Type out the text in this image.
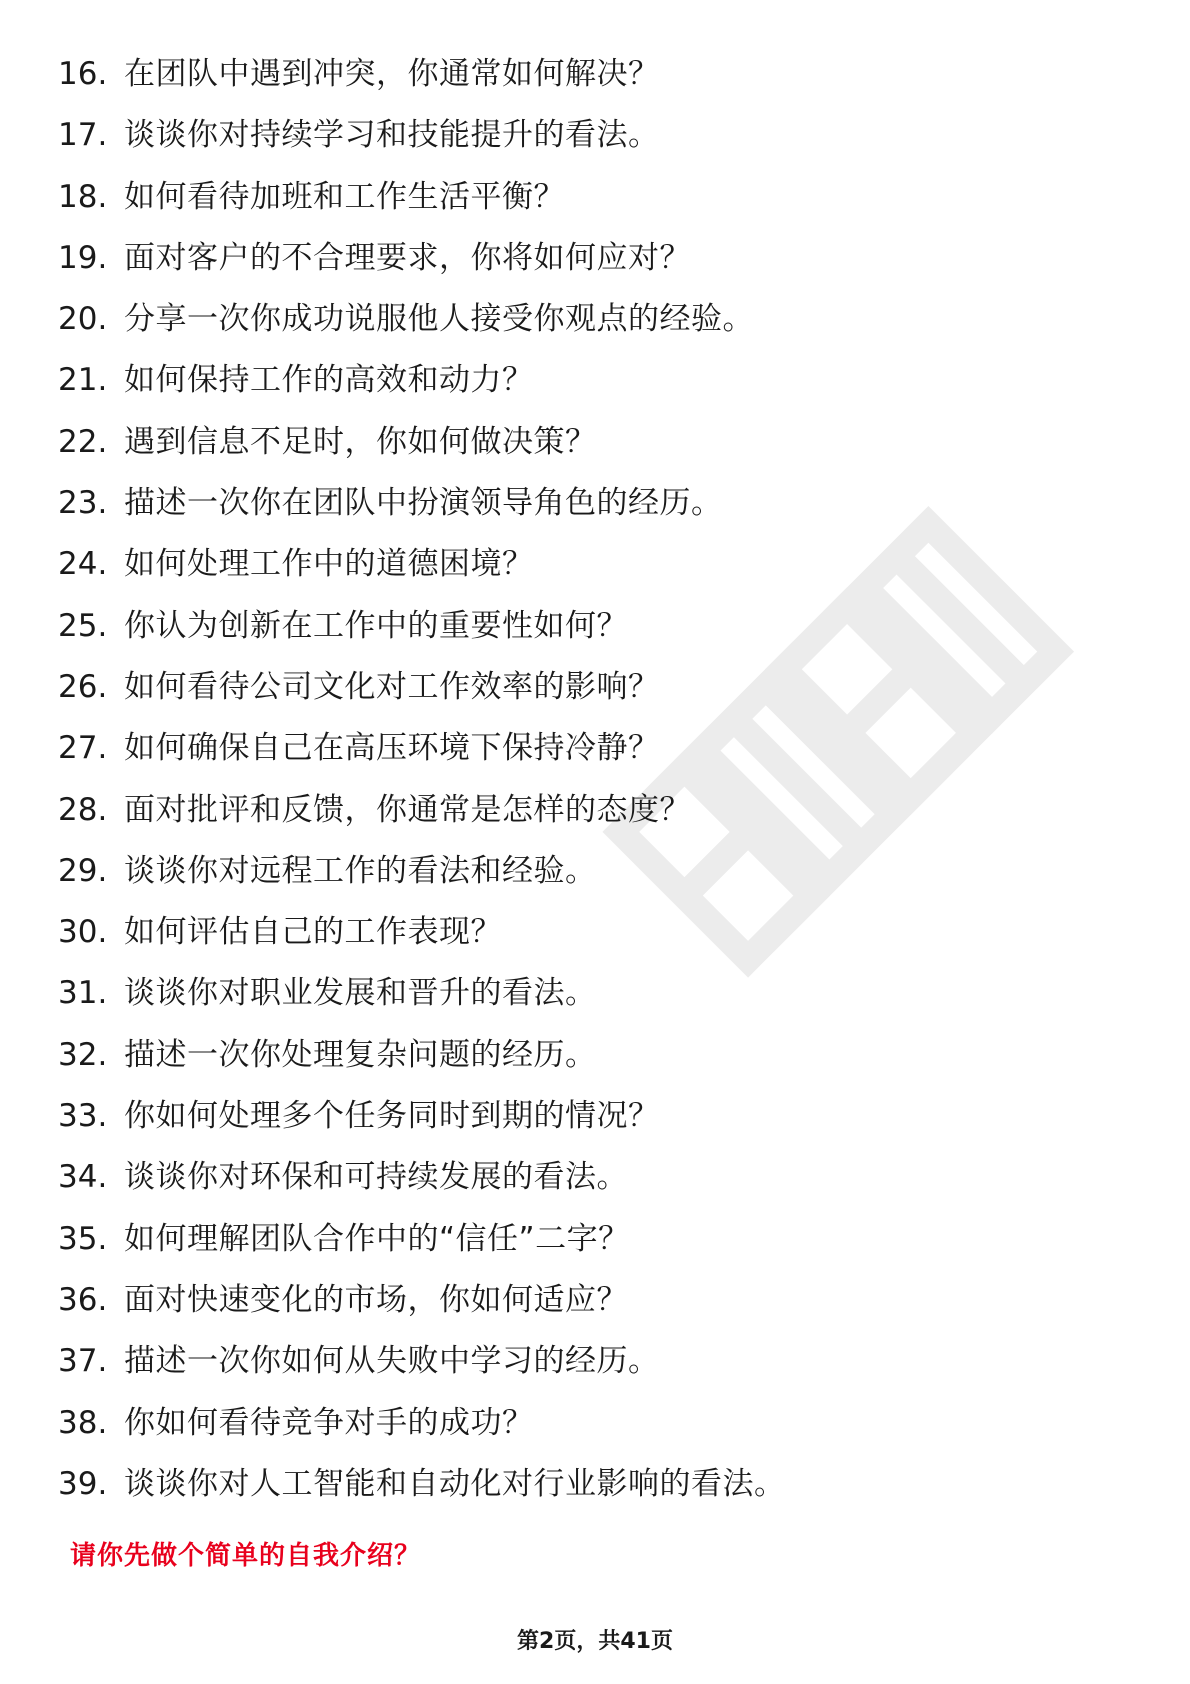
16. 在团队中遇到冲突，你通常如何解决？
17. 谈谈你对持续学习和技能提升的看法。
18. 如何看待加班和工作生活平衡？
19. 面对客户的不合理要求，你将如何应对？
20. 分享一次你成功说服他人接受你观点的经验。
21. 如何保持工作的高效和动力？
22. 遇到信息不足时，你如何做决策？
23. 描述一次你在团队中扮演领导角色的经历。
24. 如何处理工作中的道德困境？
25. 你认为创新在工作中的重要性如何？
26. 如何看待公司文化对工作效率的影响？
27. 如何确保自己在高压环境下保持冷静？
28. 面对批评和反馈，你通常是怎样的态度？
29. 谈谈你对远程工作的看法和经验。
30. 如何评估自己的工作表现？
31. 谈谈你对职业发展和晋升的看法。
32. 描述一次你处理复杂问题的经历。
33. 你如何处理多个任务同时到期的情况？
34. 谈谈你对环保和可持续发展的看法。
35. 如何理解团队合作中的“信任”二字？
36. 面对快速变化的市场，你如何适应？
37. 描述一次你如何从失败中学习的经历。
38. 你如何看待竞争对手的成功？
39. 谈谈你对人工智能和自动化对行业影响的看法。

请你先做个简单的自我介绍？

第2页，共41页
